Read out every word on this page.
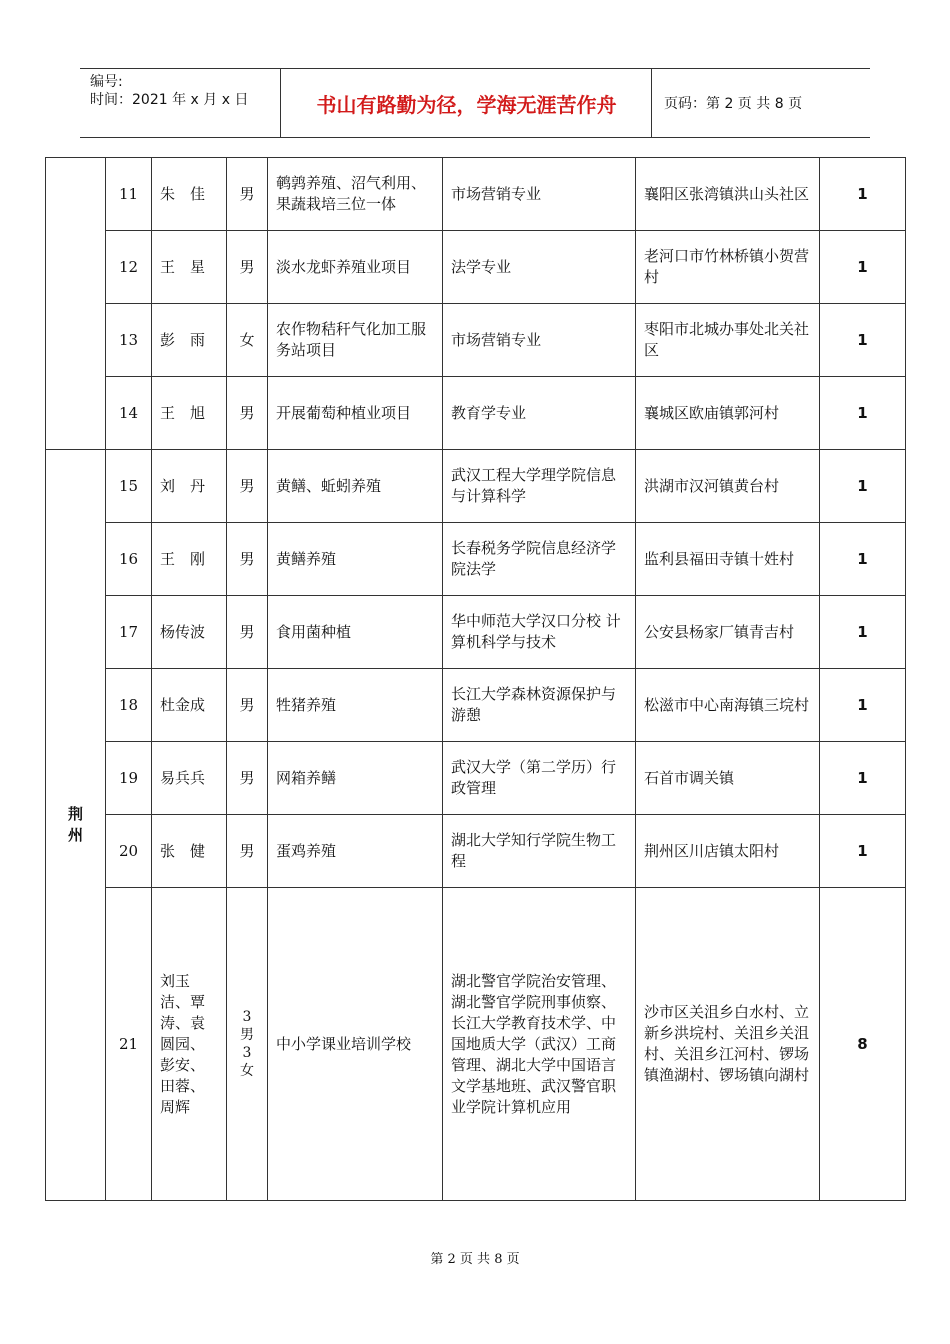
编号:
时间：2021 年 x 月 x 日	书山有路勤为径，学海无涯苦作舟	页码：第 2 页 共 8 页
	11	朱　佳	男	鹌鹑养殖、沼气利用、果蔬栽培三位一体	市场营销专业	襄阳区张湾镇洪山头社区	1
	12	王　星	男	淡水龙虾养殖业项目	法学专业	老河口市竹林桥镇小贺营村	1
	13	彭　雨	女	农作物秸秆气化加工服务站项目	市场营销专业	枣阳市北城办事处北关社区	1
	14	王　旭	男	开展葡萄种植业项目	教育学专业	襄城区欧庙镇郭河村	1
荆
州	15	刘　丹	男	黄鳝、蚯蚓养殖	武汉工程大学理学院信息与计算科学	洪湖市汉河镇黄台村	1
	16	王　刚	男	黄鳝养殖	长春税务学院信息经济学院法学	监利县福田寺镇十姓村	1
	17	杨传波	男	食用菌种植	华中师范大学汉口分校 计算机科学与技术	公安县杨家厂镇青吉村	1
	18	杜金成	男	牲猪养殖	长江大学森林资源保护与游憩	松滋市中心南海镇三垸村	1
	19	易兵兵	男	网箱养鳝	武汉大学（第二学历）行政管理	石首市调关镇	1
	20	张　健	男	蛋鸡养殖	湖北大学知行学院生物工程	荆州区川店镇太阳村	1
	21	刘玉洁、覃涛、袁圆园、彭安、田蓉、周辉	3男3女	中小学课业培训学校	湖北警官学院治安管理、湖北警官学院刑事侦察、长江大学教育技术学、中国地质大学（武汉）工商管理、湖北大学中国语言文学基地班、武汉警官职业学院计算机应用	沙市区关沮乡白水村、立新乡洪垸村、关沮乡关沮村、关沮乡江河村、锣场镇渔湖村、锣场镇向湖村	8
第 2 页 共 8 页
